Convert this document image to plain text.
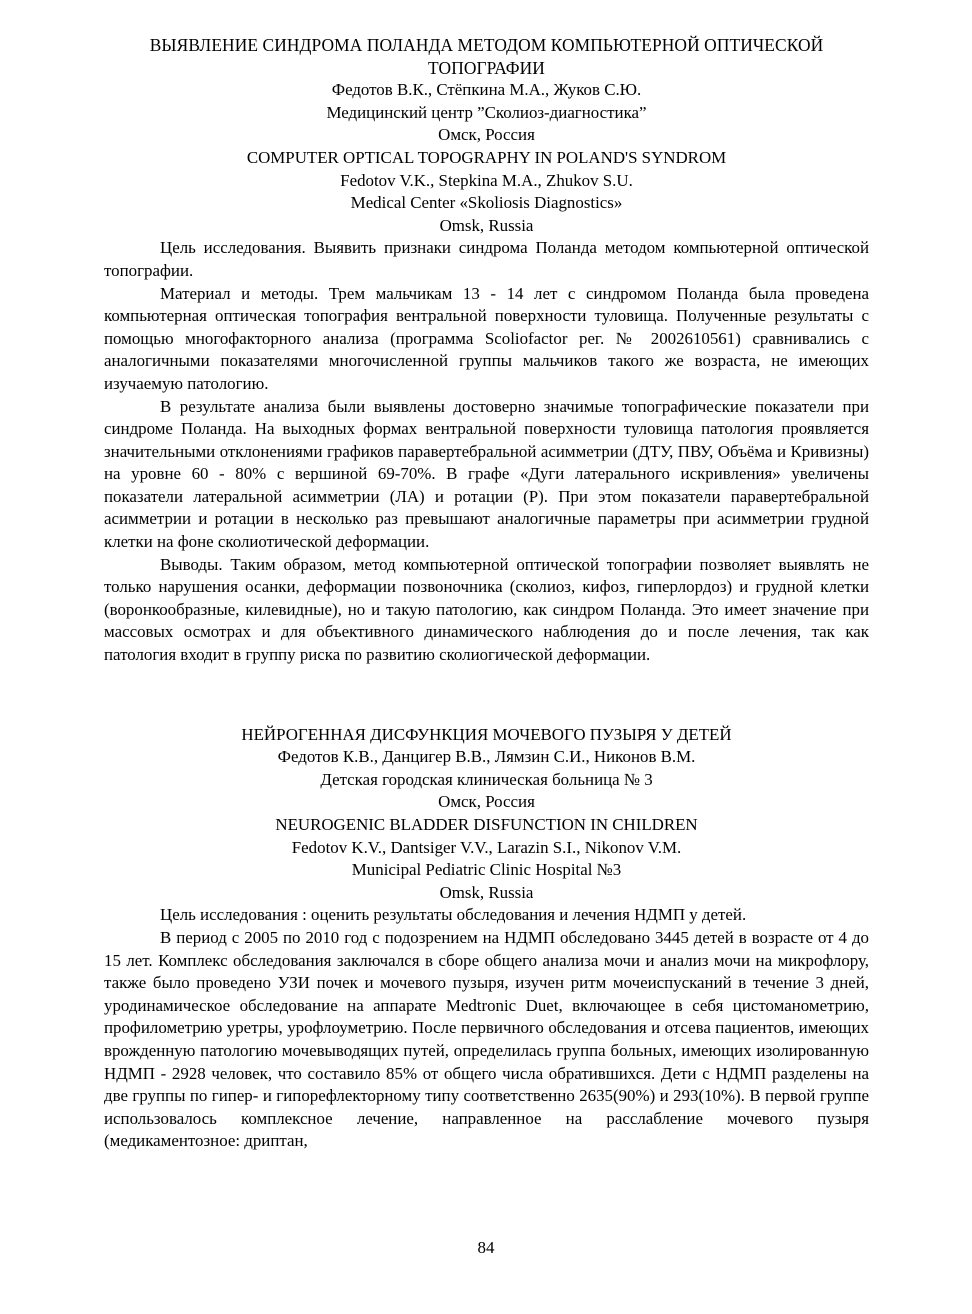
ВЫЯВЛЕНИЕ СИНДРОМА ПОЛАНДА МЕТОДОМ КОМПЬЮТЕРНОЙ ОПТИЧЕСКОЙ ТОПОГРАФИИ
Федотов В.К., Стёпкина М.А., Жуков С.Ю.
Медицинский центр ”Сколиоз-диагностика”
Омск, Россия
COMPUTER OPTICAL TOPOGRAPHY IN POLAND'S SYNDROM
Fedotov V.K., Stepkina M.A., Zhukov S.U.
Medical Center «Skoliosis Diagnostics»
Omsk, Russia

Цель исследования. Выявить признаки синдрома Поланда методом компьютерной оптической топографии.

Материал и методы. Трем мальчикам 13 - 14 лет с синдромом Поланда была проведена компьютерная оптическая топография вентральной поверхности туловища. Полученные результаты с помощью многофакторного анализа (программа Scoliofactor рег. № 2002610561) сравнивались с аналогичными показателями многочисленной группы мальчиков такого же возраста, не имеющих изучаемую патологию.

В результате анализа были выявлены достоверно значимые топографические показатели при синдроме Поланда. На выходных формах вентральной поверхности туловища патология проявляется значительными отклонениями графиков паравертебральной асимметрии (ДТУ, ПВУ, Объёма и Кривизны) на уровне 60 - 80% с вершиной 69-70%. В графе «Дуги латерального искривления» увеличены показатели латеральной асимметрии (ЛА) и ротации (Р). При этом показатели паравертебральной асимметрии и ротации в несколько раз превышают аналогичные параметры при асимметрии грудной клетки на фоне сколиотической деформации.

Выводы. Таким образом, метод компьютерной оптической топографии позволяет выявлять не только нарушения осанки, деформации позвоночника (сколиоз, кифоз, гиперлордоз) и грудной клетки (воронкообразные, килевидные), но и такую патологию, как синдром Поланда. Это имеет значение при массовых осмотрах и для объективного динамического наблюдения до и после лечения, так как патология входит в группу риска по развитию сколиогической деформации.

НЕЙРОГЕННАЯ ДИСФУНКЦИЯ МОЧЕВОГО ПУЗЫРЯ У ДЕТЕЙ
Федотов К.В., Данцигер В.В., Лямзин С.И., Никонов В.М.
Детская городская клиническая больница № 3
Омск, Россия
NEUROGENIC BLADDER DISFUNCTION IN CHILDREN
Fedotov K.V., Dantsiger V.V., Larazin S.I., Nikonov V.M.
Municipal Pediatric Clinic Hospital №3
Omsk, Russia

Цель исследования : оценить результаты обследования и лечения НДМП у детей.

В период с 2005 по 2010 год с подозрением на НДМП обследовано 3445 детей в возрасте от 4 до 15 лет. Комплекс обследования заключался в сборе общего анализа мочи и анализ мочи на микрофлору, также было проведено УЗИ почек и мочевого пузыря, изучен ритм мочеиспусканий в течение 3 дней, уродинамическое обследование на аппарате Medtronic Duet, включающее в себя цистоманометрию, профилометрию уретры, урофлоуметрию. После первичного обследования и отсева пациентов, имеющих врожденную патологию мочевыводящих путей, определилась группа больных, имеющих изолированную НДМП - 2928 человек, что составило 85% от общего числа обратившихся. Дети с НДМП разделены на две группы по гипер- и гипорефлекторному типу соответственно 2635(90%) и 293(10%). В первой группе использовалось комплексное лечение, направленное на расслабление мочевого пузыря (медикаментозное: дриптан,

84
